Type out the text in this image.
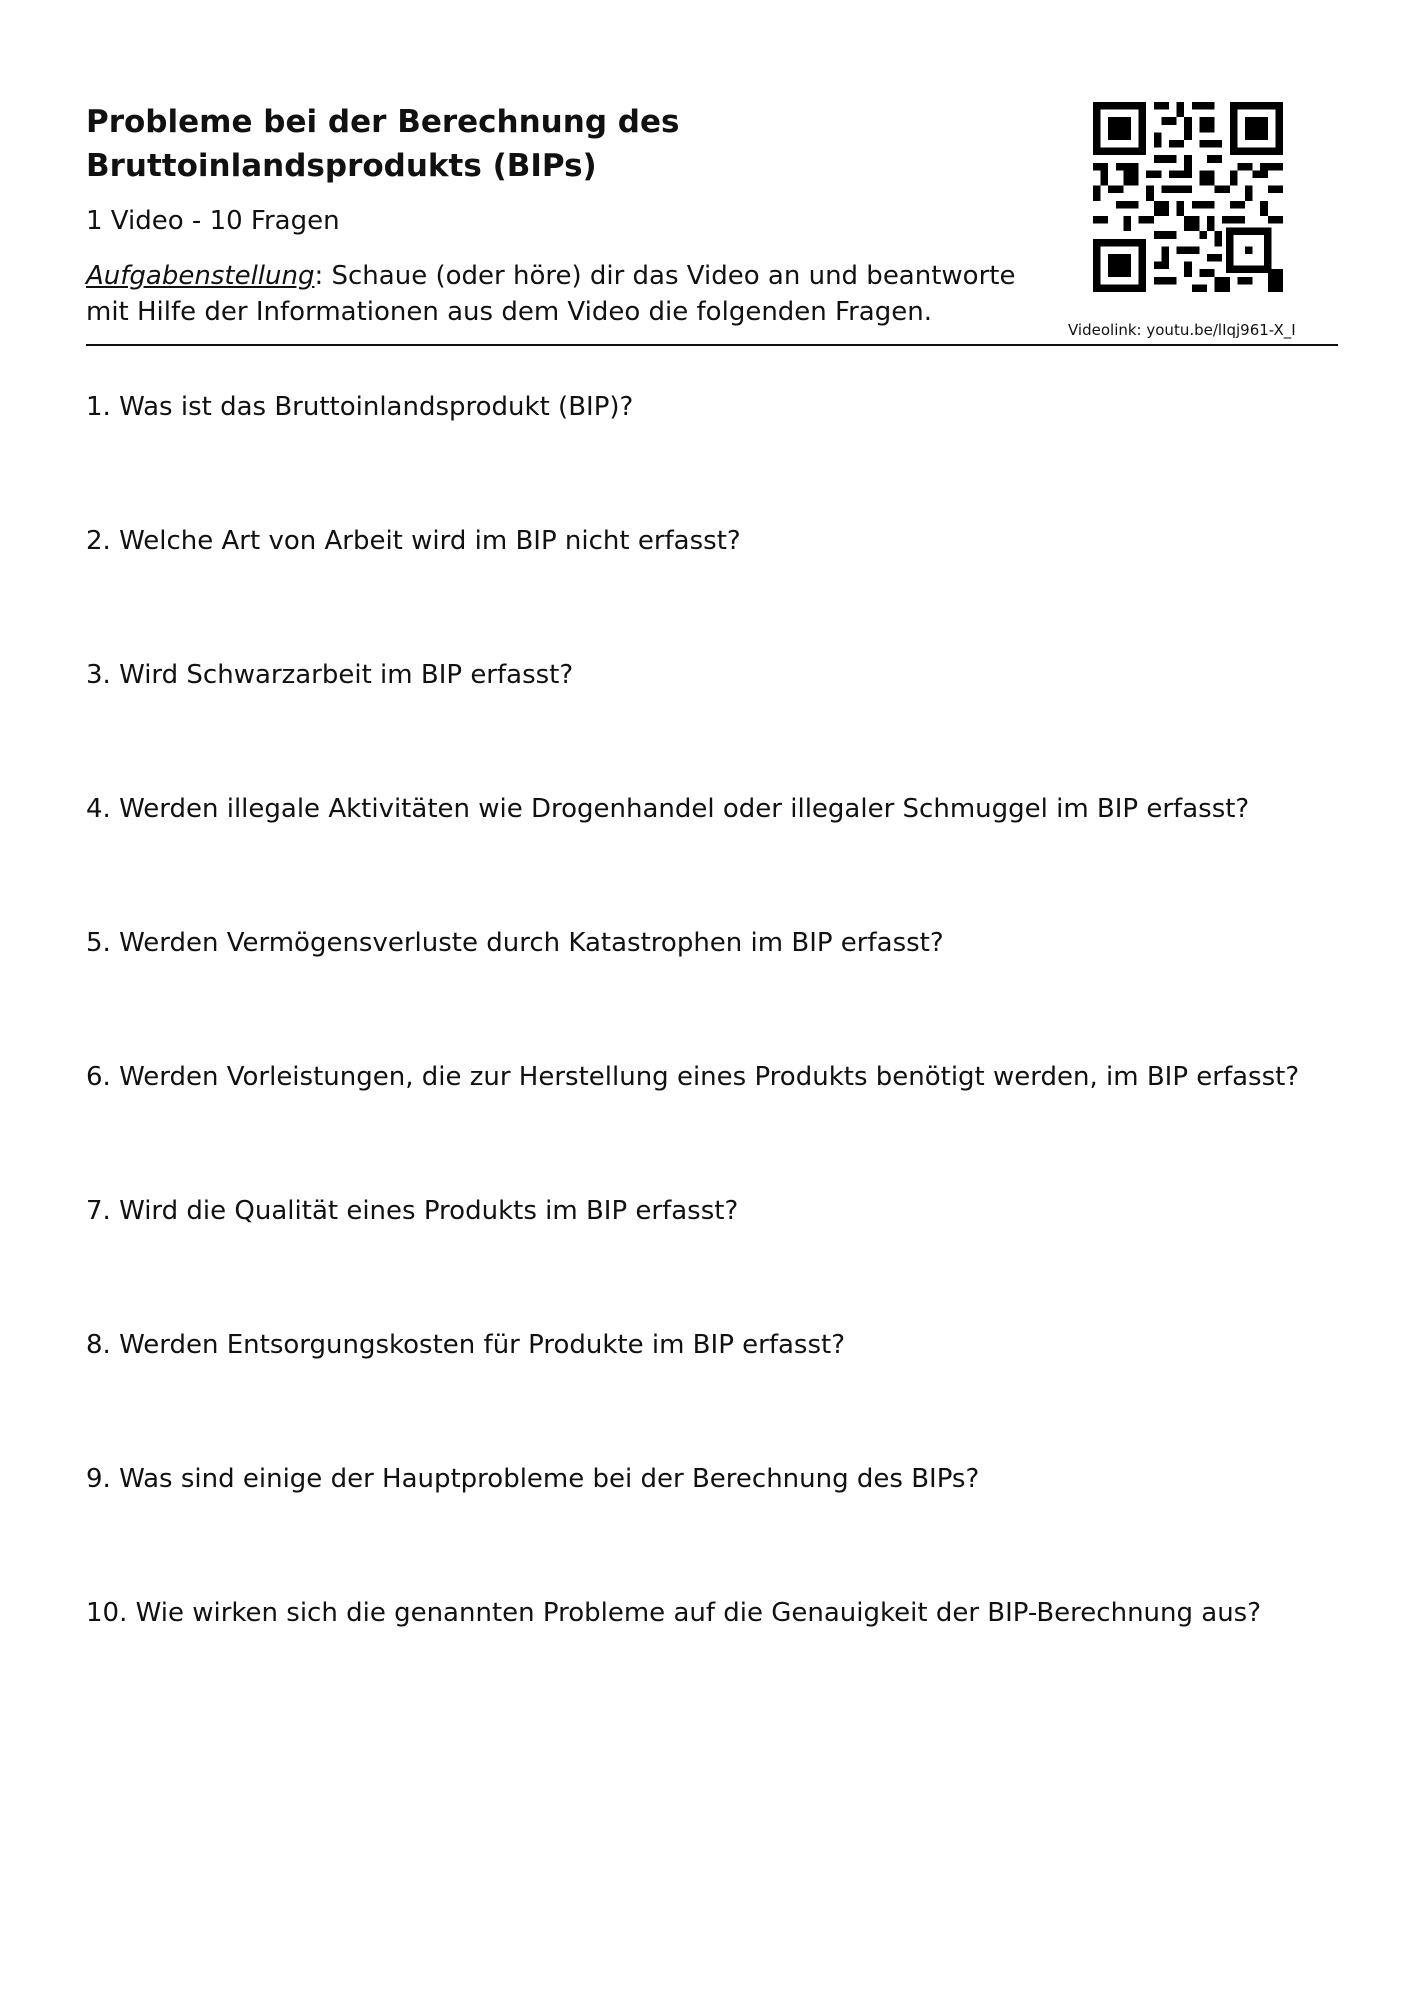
Probleme bei der Berechnung des Bruttoinlandsprodukts (BIPs)
1 Video - 10 Fragen
Aufgabenstellung: Schaue (oder höre) dir das Video an und beantworte mit Hilfe der Informationen aus dem Video die folgenden Fragen.
Videolink: youtu.be/lIqj961-X_I
1. Was ist das Bruttoinlandsprodukt (BIP)?
2. Welche Art von Arbeit wird im BIP nicht erfasst?
3. Wird Schwarzarbeit im BIP erfasst?
4. Werden illegale Aktivitäten wie Drogenhandel oder illegaler Schmuggel im BIP erfasst?
5. Werden Vermögensverluste durch Katastrophen im BIP erfasst?
6. Werden Vorleistungen, die zur Herstellung eines Produkts benötigt werden, im BIP erfasst?
7. Wird die Qualität eines Produkts im BIP erfasst?
8. Werden Entsorgungskosten für Produkte im BIP erfasst?
9. Was sind einige der Hauptprobleme bei der Berechnung des BIPs?
10. Wie wirken sich die genannten Probleme auf die Genauigkeit der BIP-Berechnung aus?
